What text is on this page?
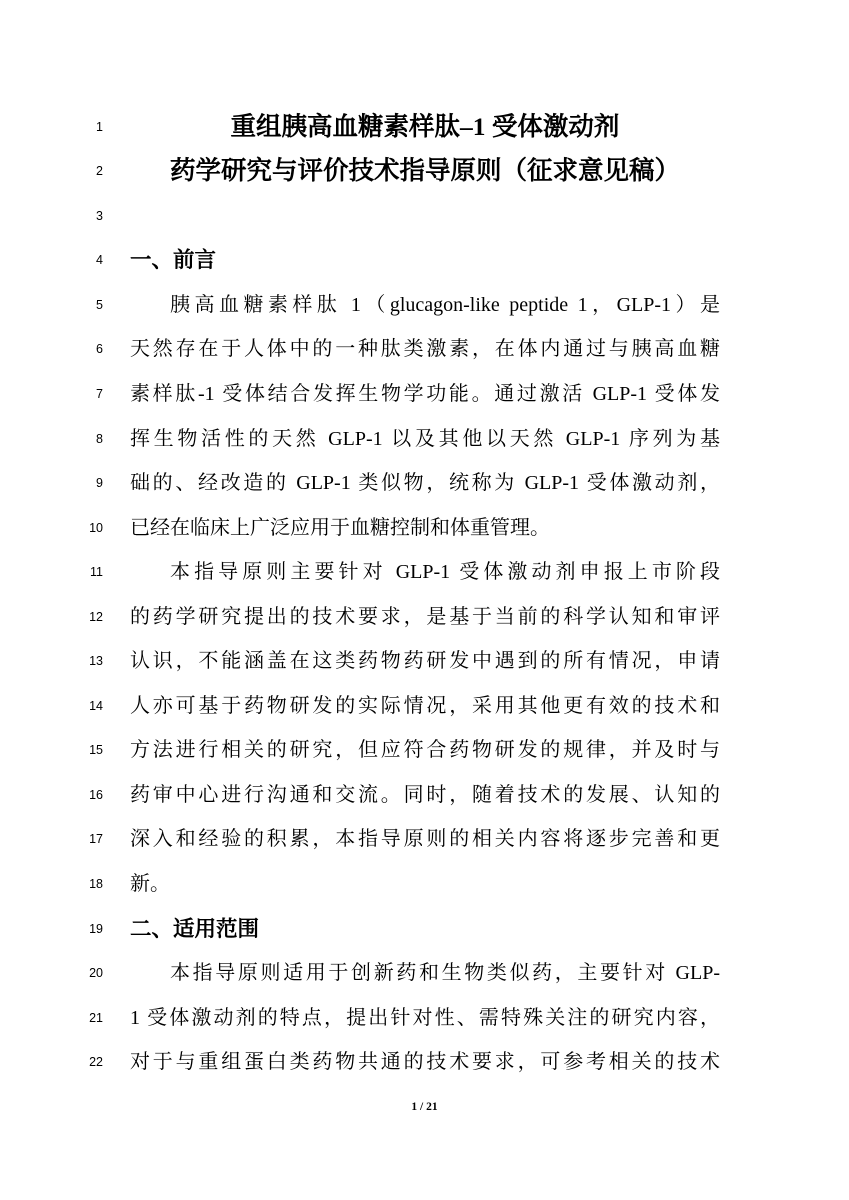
1	重组胰高血糖素样肽–1 受体激动剂
2	药学研究与评价技术指导原则（征求意见稿）
3
4 一、前言
5	胰高血糖素样肽 1（glucagon-like peptide 1，GLP-1）是
6 天然存在于人体中的一种肽类激素，在体内通过与胰高血糖
7 素样肽-1 受体结合发挥生物学功能。通过激活 GLP-1 受体发
8 挥生物活性的天然 GLP-1 以及其他以天然 GLP-1 序列为基
9 础的、经改造的 GLP-1 类似物，统称为 GLP-1 受体激动剂，
10 已经在临床上广泛应用于血糖控制和体重管理。
11	本指导原则主要针对 GLP-1 受体激动剂申报上市阶段
12 的药学研究提出的技术要求，是基于当前的科学认知和审评
13 认识，不能涵盖在这类药物药研发中遇到的所有情况，申请
14 人亦可基于药物研发的实际情况，采用其他更有效的技术和
15 方法进行相关的研究，但应符合药物研发的规律，并及时与
16 药审中心进行沟通和交流。同时，随着技术的发展、认知的
17 深入和经验的积累，本指导原则的相关内容将逐步完善和更
18 新。
19 二、适用范围
20	本指导原则适用于创新药和生物类似药，主要针对 GLP-
21 1 受体激动剂的特点，提出针对性、需特殊关注的研究内容，
22 对于与重组蛋白类药物共通的技术要求，可参考相关的技术
1 / 21
